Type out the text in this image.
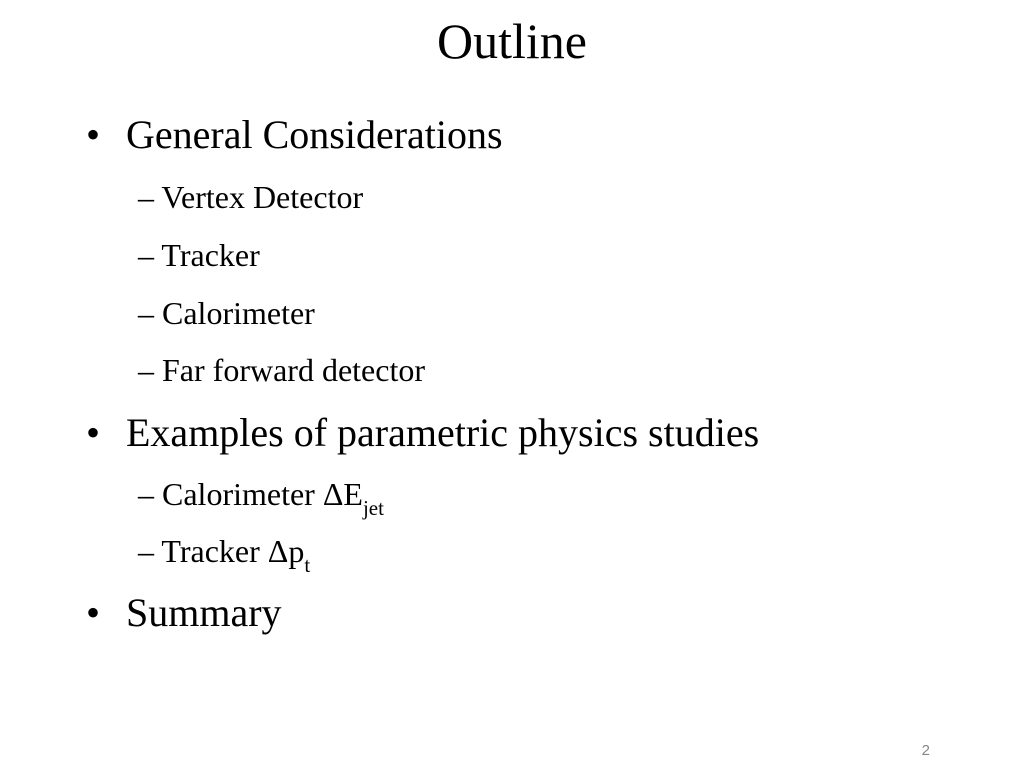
Outline
• General Considerations
– Vertex Detector
– Tracker
– Calorimeter
– Far forward detector
• Examples of parametric physics studies
– Calorimeter $\Delta E_{jet}$
– Tracker $\Delta p_t$
• Summary
2
